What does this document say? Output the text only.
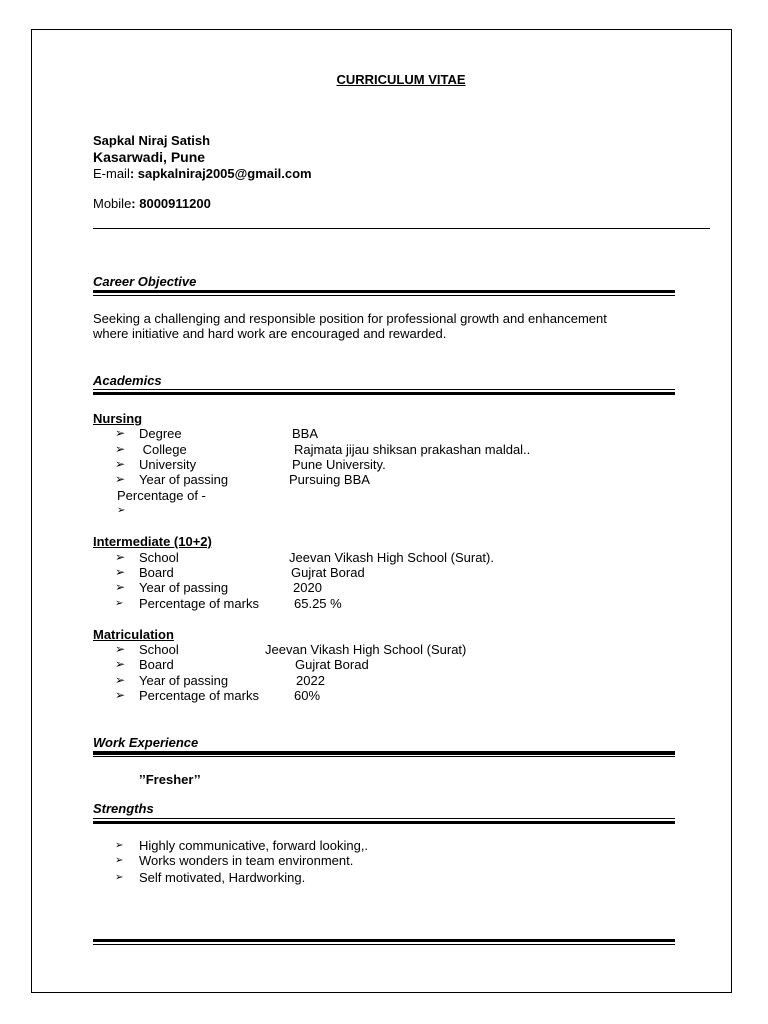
CURRICULUM VITAE
Sapkal Niraj Satish
Kasarwadi, Pune
E-mail: sapkalniraj2005@gmail.com
Mobile: 8000911200
Career Objective
Seeking a challenging and responsible position for professional growth and enhancement
where initiative and hard work are encouraged and rewarded.
Academics
Nursing
➢ Degree	BBA
➢ College	Rajmata jijau shiksan prakashan maldal..
➢ University	Pune University.
➢ Year of passing	Pursuing BBA
Percentage of -
➢
Intermediate (10+2)
➢ School	Jeevan Vikash High School (Surat).
➢ Board	Gujrat Borad
➢ Year of passing	2020
➢ Percentage of marks	65.25 %
Matriculation
➢ School	Jeevan Vikash High School (Surat)
➢ Board	Gujrat Borad
➢ Year of passing	2022
➢ Percentage of marks	60%
Work Experience
’’Fresher’’
Strengths
➢ Highly communicative, forward looking,.
➢ Works wonders in team environment.
➢ Self motivated, Hardworking.
